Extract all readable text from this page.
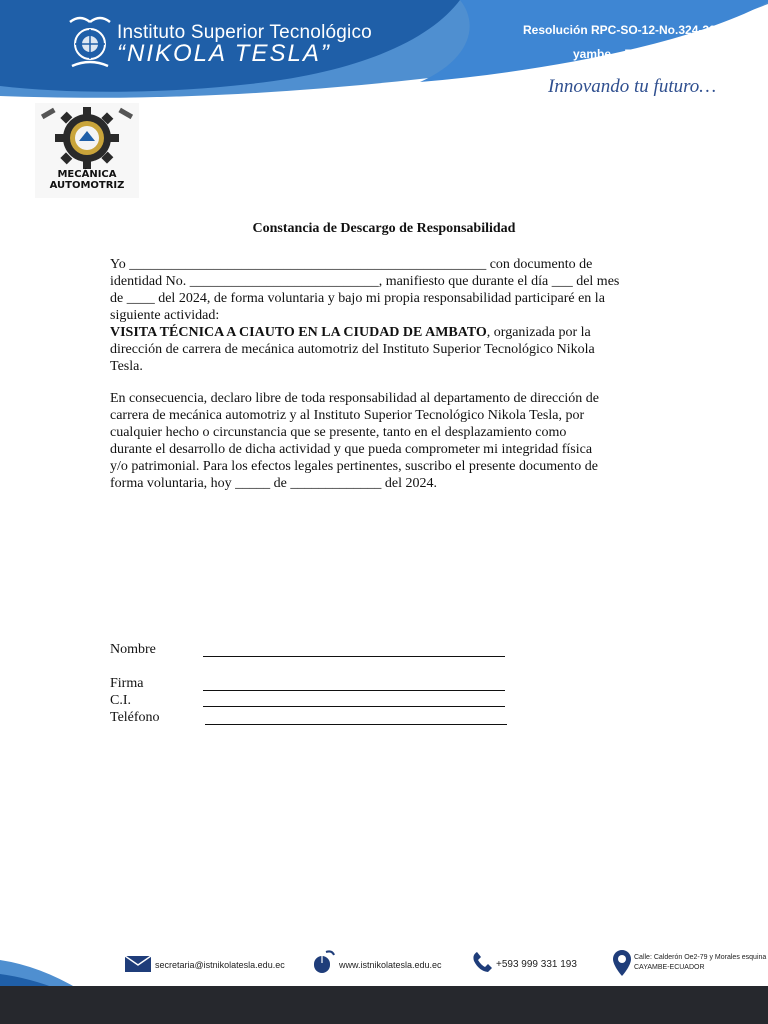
Instituto Superior Tecnológico
“NIKOLA TESLA”
Resolución RPC-SO-12-No.324-2021
Ca
yambe – Ecuador
Innovando tu futuro…
MECÁNICA
AUTOMOTRIZ
Constancia de Descargo de Responsabilidad
Yo ___________________________________________________ con documento de
identidad No. ___________________________, manifiesto que durante el día ___ del mes
de ____ del 2024, de forma voluntaria y bajo mi propia responsabilidad participaré en la
siguiente actividad:
VISITA TÉCNICA A CIAUTO EN LA CIUDAD DE AMBATO, organizada por la
dirección de carrera de mecánica automotriz del Instituto Superior Tecnológico Nikola
Tesla.
En consecuencia, declaro libre de toda responsabilidad al departamento de dirección de
carrera de mecánica automotriz y al Instituto Superior Tecnológico Nikola Tesla, por
cualquier hecho o circunstancia que se presente, tanto en el desplazamiento como
durante el desarrollo de dicha actividad y que pueda comprometer mi integridad física
y/o patrimonial. Para los efectos legales pertinentes, suscribo el presente documento de
forma voluntaria, hoy _____ de _____________ del 2024.
Nombre
Firma
C.I.
Teléfono
secretaria@istnikolatesla.edu.ec	www.istnikolatesla.edu.ec	+593 999 331 193
Calle: Calderón Oe2-79 y Morales esquina
CAYAMBE-ECUADOR
